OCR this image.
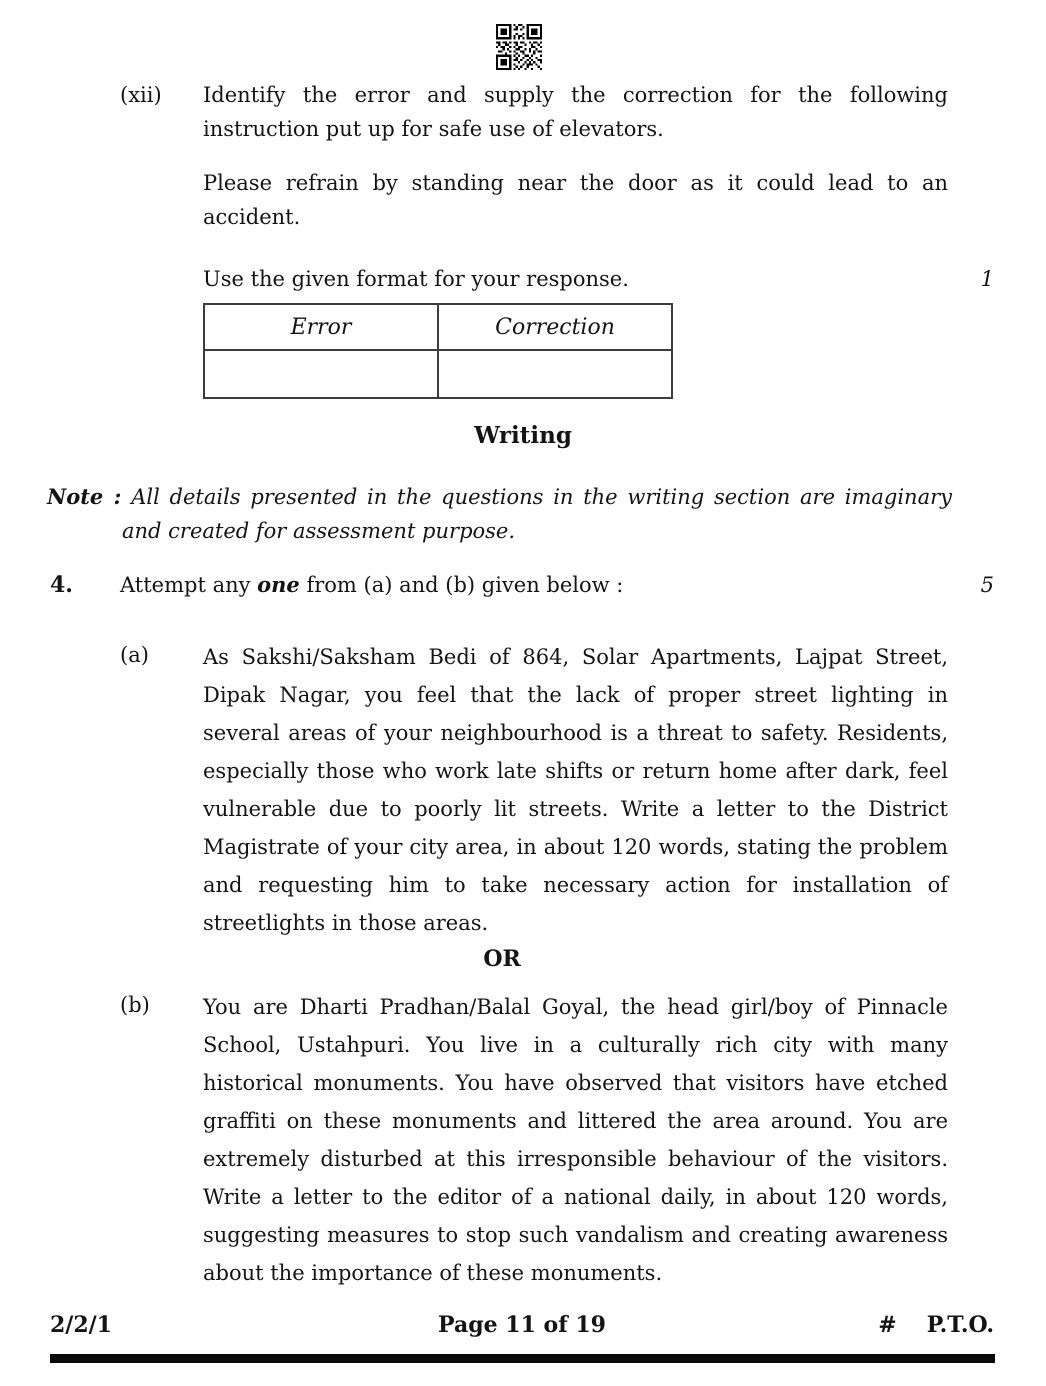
(xii)	Identify the error and supply the correction for the following instruction put up for safe use of elevators.
Please refrain by standing near the door as it could lead to an accident.
Use the given format for your response.	1
Error	Correction

Writing
Note : All details presented in the questions in the writing section are imaginary and created for assessment purpose.
4.	Attempt any one from (a) and (b) given below :	5
(a)	As Sakshi/Saksham Bedi of 864, Solar Apartments, Lajpat Street, Dipak Nagar, you feel that the lack of proper street lighting in several areas of your neighbourhood is a threat to safety. Residents, especially those who work late shifts or return home after dark, feel vulnerable due to poorly lit streets. Write a letter to the District Magistrate of your city area, in about 120 words, stating the problem and requesting him to take necessary action for installation of streetlights in those areas.
OR
(b)	You are Dharti Pradhan/Balal Goyal, the head girl/boy of Pinnacle School, Ustahpuri. You live in a culturally rich city with many historical monuments. You have observed that visitors have etched graffiti on these monuments and littered the area around. You are extremely disturbed at this irresponsible behaviour of the visitors. Write a letter to the editor of a national daily, in about 120 words, suggesting measures to stop such vandalism and creating awareness about the importance of these monuments.
2/2/1	Page 11 of 19	# P.T.O.
